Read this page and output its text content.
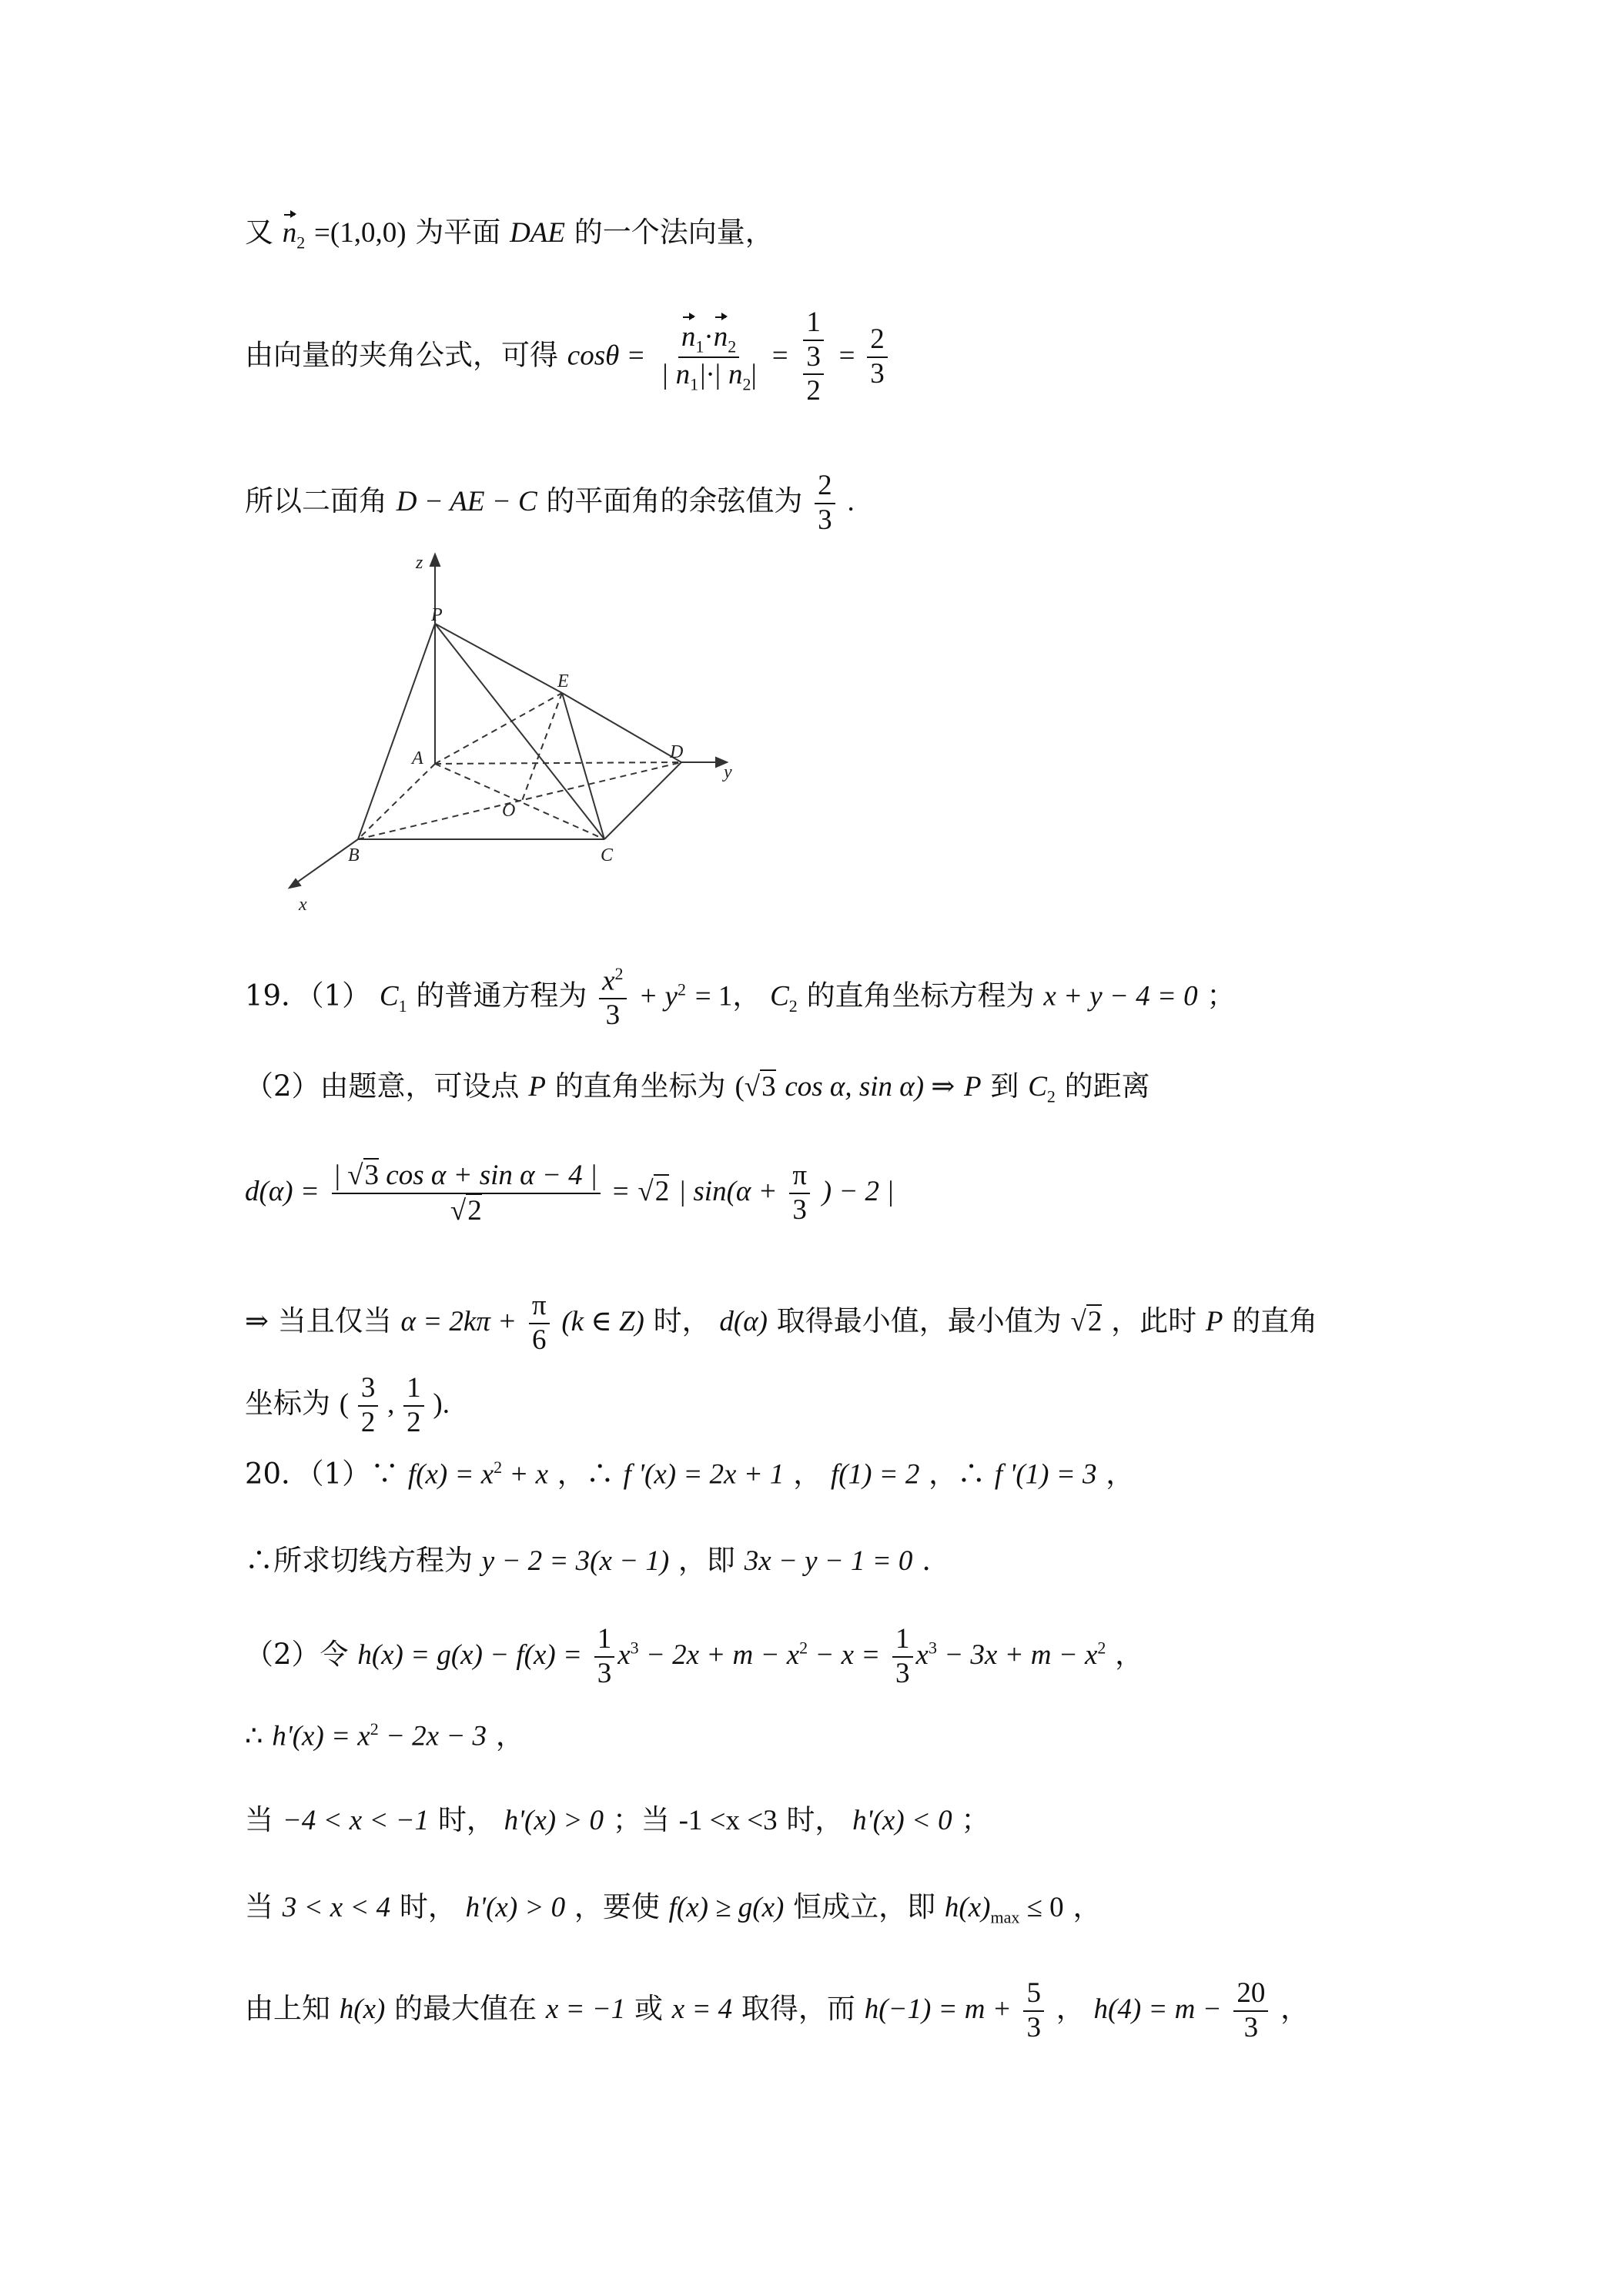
又 $n_2 =(1,0,0)$ 为平面 DAE 的一个法向量，
由向量的夹角公式，可得 $\cos\theta = \frac{n_1\cdot n_2}{| n_1|\cdot| n_2|} = \frac{1}{\frac{3}{2}} = \frac{2}{3}$
所以二面角 D − AE − C 的平面角的余弦值为 $\frac{2}{3}$ .
z
y
x
P
E
A	D
O
B	C
19．（1） $C_1$ 的普通方程为 $\frac{x^2}{3} + y^2 = 1$， $C_2$ 的直角坐标方程为 x + y − 4 = 0 ；
（2）由题意，可设点 P 的直角坐标为 (√3 cos α, sin α) ⇒ P 到 $C_2$ 的距离
$d(\alpha) = \frac{\text{| √3 cos α + sin α − 4 |}}{√2} = √2$ | $\sin(\alpha + \frac{\pi}{3}$ ) − 2 |
⇒ 当且仅当 $\alpha = 2k\pi + \frac{\pi}{6} (k$ ∈ Z) 时， d(α) 取得最小值，最小值为 √2 ，此时 P 的直角
坐标为 ( $\frac{3}{2}$ , $\frac{1}{2}$ ).
20．（1）∵ $f(x) = x^2 + x$ ，∴ f '(x) = 2x + 1 ， f(1) = 2 ，∴ f '(1) = 3 ，
∴所求切线方程为 y − 2 = 3(x − 1) ，即 3x − y − 1 = 0 .
（2）令 $h(x) = g(x) - f(x) = \frac{1}{3} x^3 - 2x + m - x^2 - x = \frac{1}{3} x^3 - 3x + m - x^2$ ，
∴ $h'(x) = x^2 - 2x - 3$ ，
当 −4 < x < −1 时， h'(x) > 0 ；当 -1 <x <3 时， h'(x) < 0 ；
当 3 < x < 4 时， h'(x) > 0 ，要使 f(x) ≥ g(x) 恒成立，即 $h(x)_{max} \le 0$ ，
由上知 h(x) 的最大值在 x = −1 或 x = 4 取得，而 $h(-1) = m + \frac{5}{3}$ ， $h(4) = m - \frac{20}{3}$ ，
